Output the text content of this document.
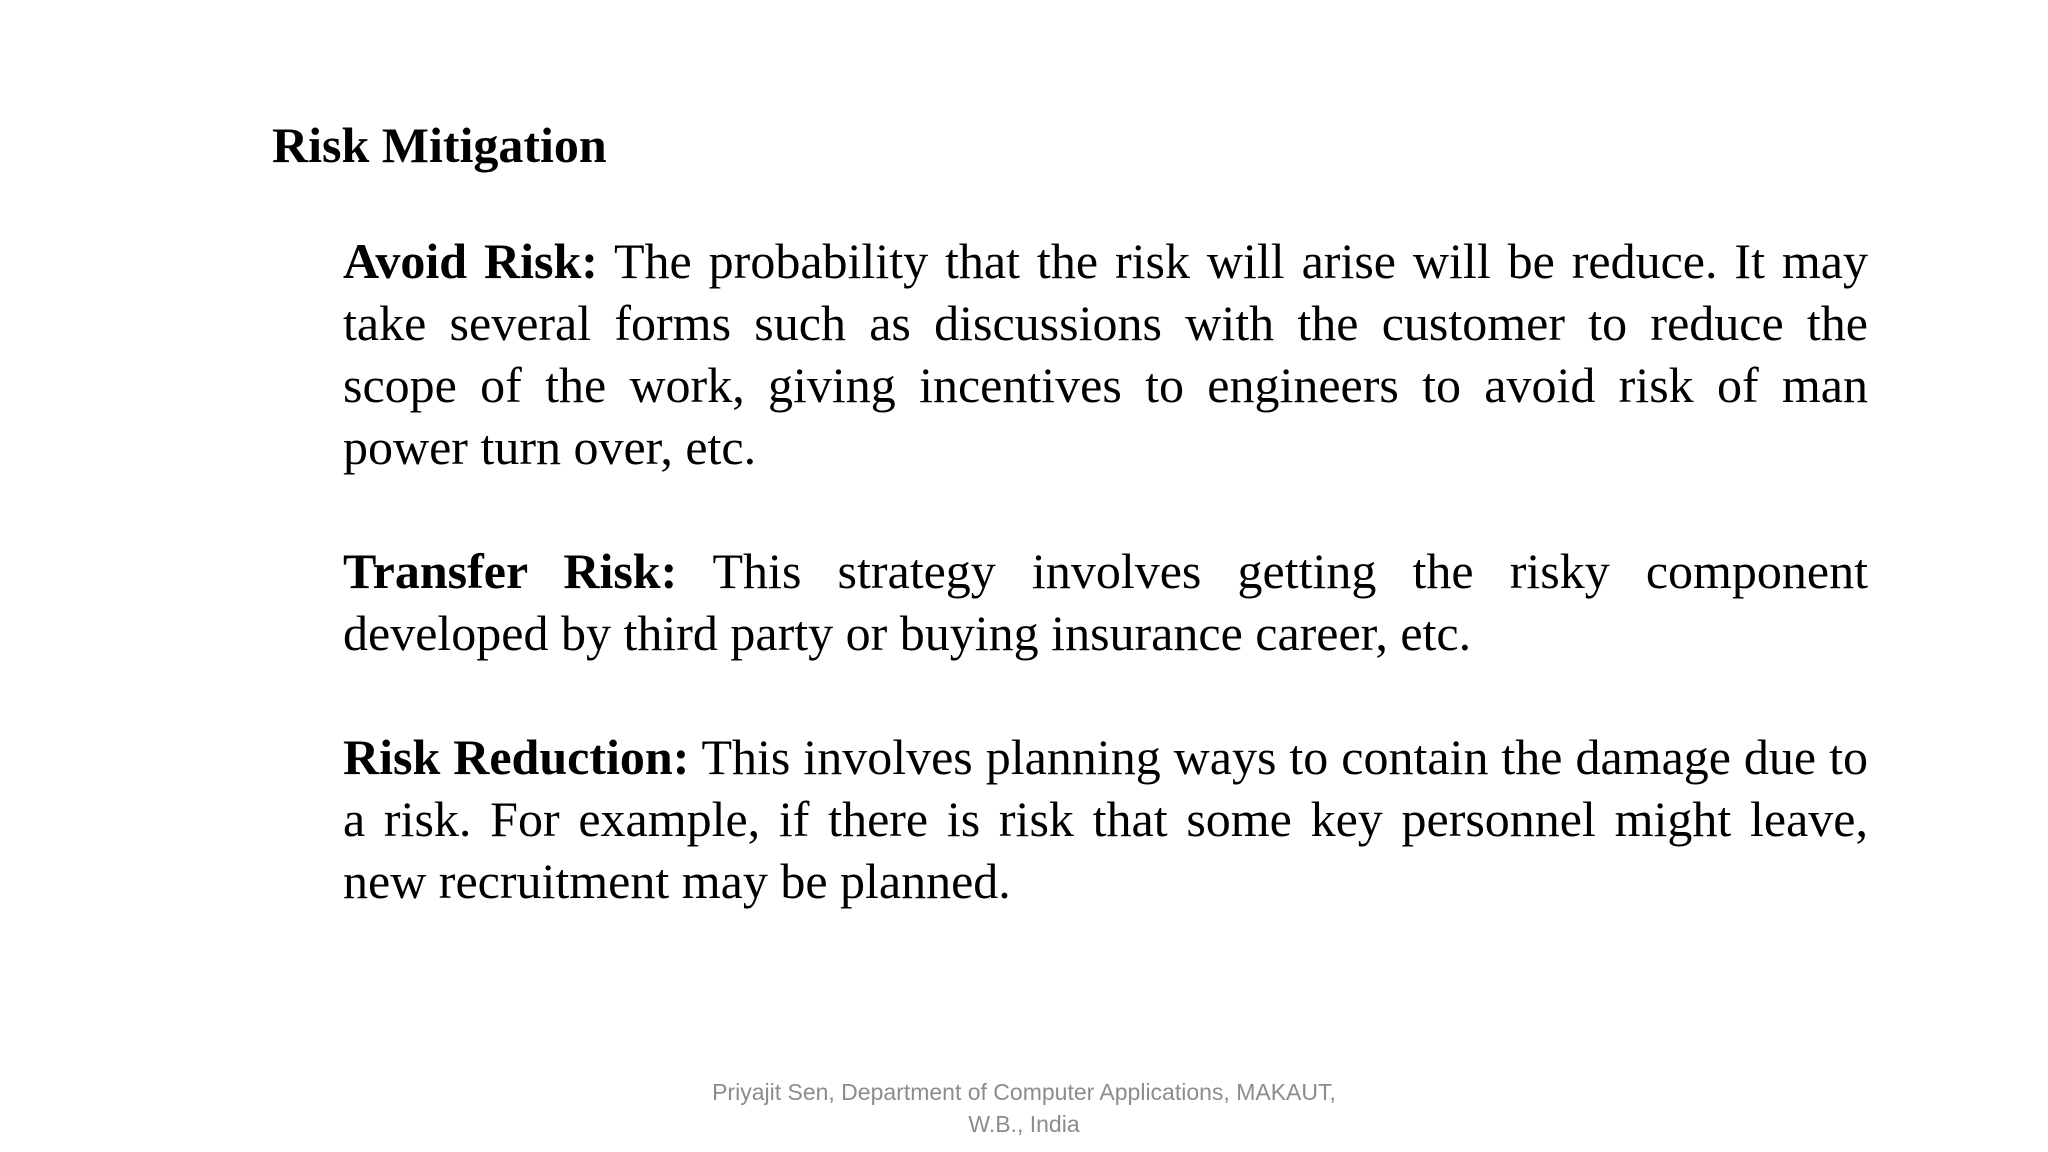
Risk Mitigation

Avoid Risk: The probability that the risk will arise will be reduce. It may take several forms such as discussions with the customer to reduce the scope of the work, giving incentives to engineers to avoid risk of man power turn over, etc.

Transfer Risk: This strategy involves getting the risky component developed by third party or buying insurance career, etc.

Risk Reduction: This involves planning ways to contain the damage due to a risk. For example, if there is risk that some key personnel might leave, new recruitment may be planned.

Priyajit Sen, Department of Computer Applications, MAKAUT,
W.B., India
